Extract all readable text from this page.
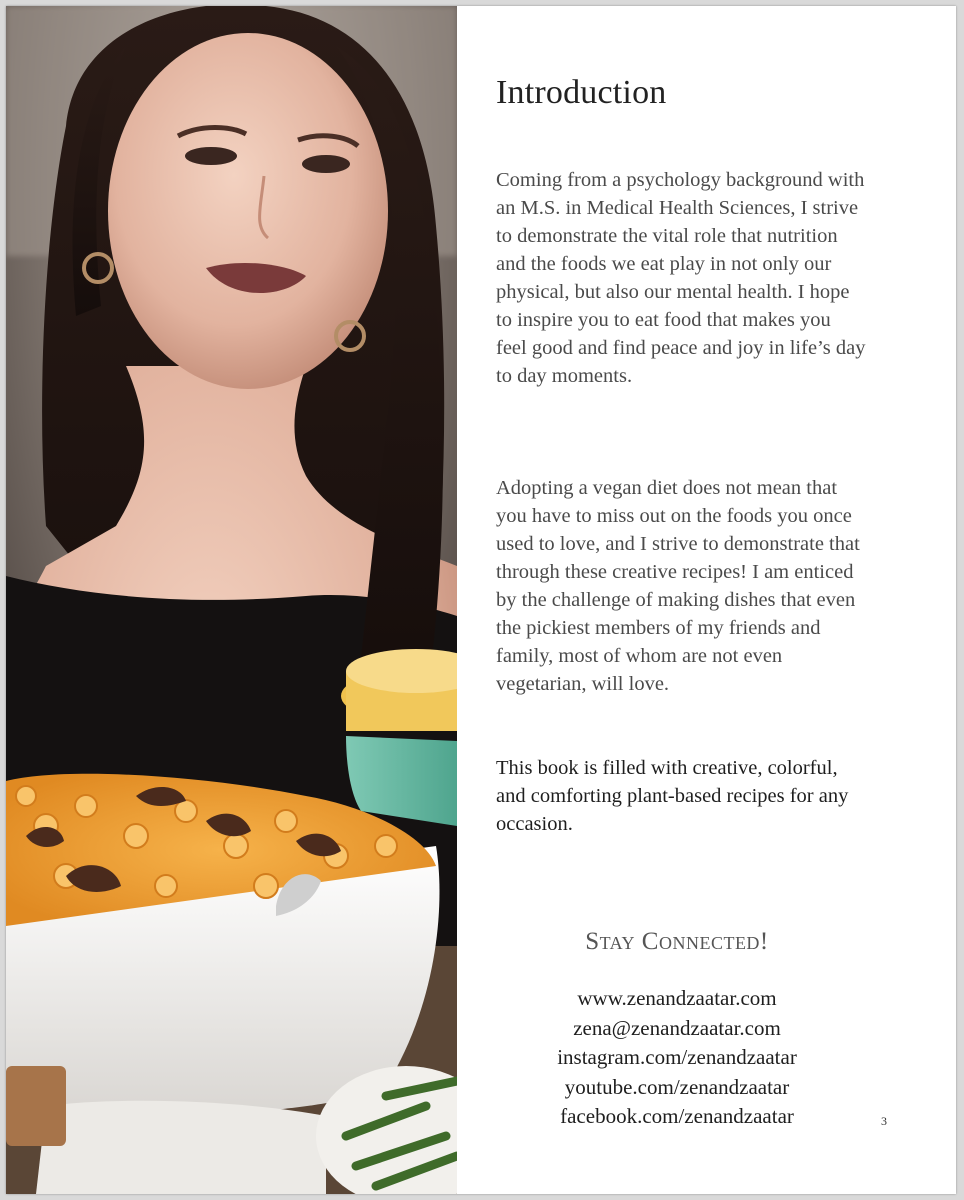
Introduction

Coming from a psychology background with an M.S. in Medical Health Sciences, I strive to demonstrate the vital role that nutrition and the foods we eat play in not only our physical, but also our mental health. I hope to inspire you to eat food that makes you feel good and find peace and joy in life’s day to day moments.

Adopting a vegan diet does not mean that you have to miss out on the foods you once used to love, and I strive to demonstrate that through these creative recipes! I am enticed by the challenge of making dishes that even the pickiest members of my friends and family, most of whom are not even vegetarian, will love.

This book is filled with creative, colorful, and comforting plant-based recipes for any occasion.

Stay Connected!
www.zenandzaatar.com
zena@zenandzaatar.com
instagram.com/zenandzaatar
youtube.com/zenandzaatar
facebook.com/zenandzaatar	3
